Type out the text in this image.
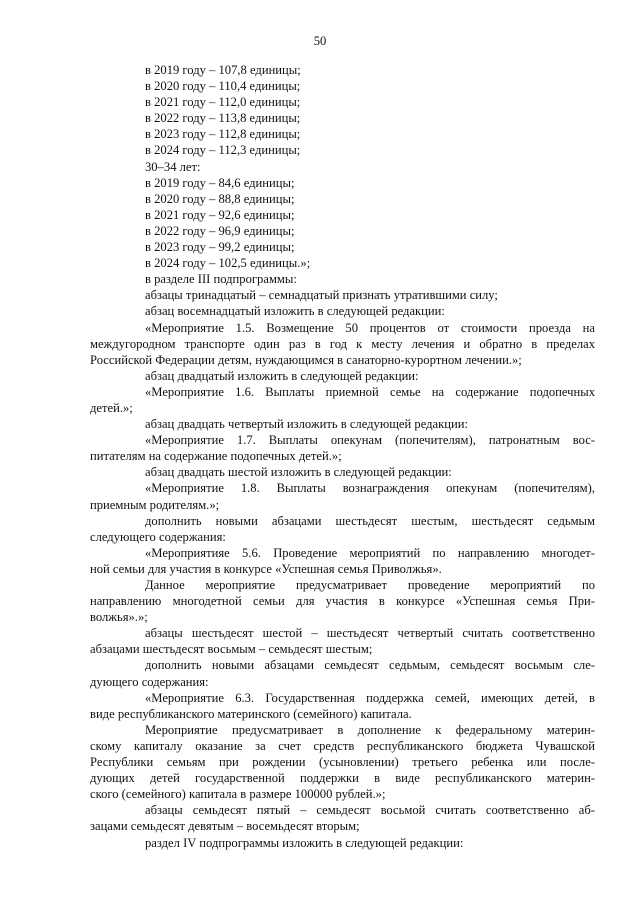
50
в 2019 году – 107,8 единицы;
в 2020 году – 110,4 единицы;
в 2021 году – 112,0 единицы;
в 2022 году – 113,8 единицы;
в 2023 году – 112,8 единицы;
в 2024 году – 112,3 единицы;
30–34 лет:
в 2019 году – 84,6 единицы;
в 2020 году – 88,8 единицы;
в 2021 году – 92,6 единицы;
в 2022 году – 96,9 единицы;
в 2023 году – 99,2 единицы;
в 2024 году – 102,5 единицы.»;
в разделе III подпрограммы:
абзацы тринадцатый – семнадцатый признать утратившими силу;
абзац восемнадцатый изложить в следующей редакции:
«Мероприятие 1.5. Возмещение 50 процентов от стоимости проезда на
междугородном транспорте один раз в год к месту лечения и обратно в пределах
Российской Федерации детям, нуждающимся в санаторно-курортном лечении.»;
абзац двадцатый изложить в следующей редакции:
«Мероприятие 1.6. Выплаты приемной семье на содержание подопечных
детей.»;
абзац двадцать четвертый изложить в следующей редакции:
«Мероприятие 1.7. Выплаты опекунам (попечителям), патронатным вос-
питателям на содержание подопечных детей.»;
абзац двадцать шестой изложить в следующей редакции:
«Мероприятие 1.8. Выплаты вознаграждения опекунам (попечителям),
приемным родителям.»;
дополнить новыми абзацами шестьдесят шестым, шестьдесят седьмым
следующего содержания:
«Мероприятияе 5.6. Проведение мероприятий по направлению многодет-
ной семьи для участия в конкурсе «Успешная семья Приволжья».
Данное мероприятие предусматривает проведение мероприятий по
направлению многодетной семьи для участия в конкурсе «Успешная семья При-
волжья».»;
абзацы шестьдесят шестой – шестьдесят четвертый считать соответственно
абзацами шестьдесят восьмым – семьдесят шестым;
дополнить новыми абзацами семьдесят седьмым, семьдесят восьмым сле-
дующего содержания:
«Мероприятие 6.3. Государственная поддержка семей, имеющих детей, в
виде республиканского материнского (семейного) капитала.
Мероприятие предусматривает в дополнение к федеральному материн-
скому капиталу оказание за счет средств республиканского бюджета Чувашской
Республики семьям при рождении (усыновлении) третьего ребенка или после-
дующих детей государственной поддержки в виде республиканского материн-
ского (семейного) капитала в размере 100000 рублей.»;
абзацы семьдесят пятый – семьдесят восьмой считать соответственно аб-
зацами семьдесят девятым – восемьдесят вторым;
раздел IV подпрограммы изложить в следующей редакции:
